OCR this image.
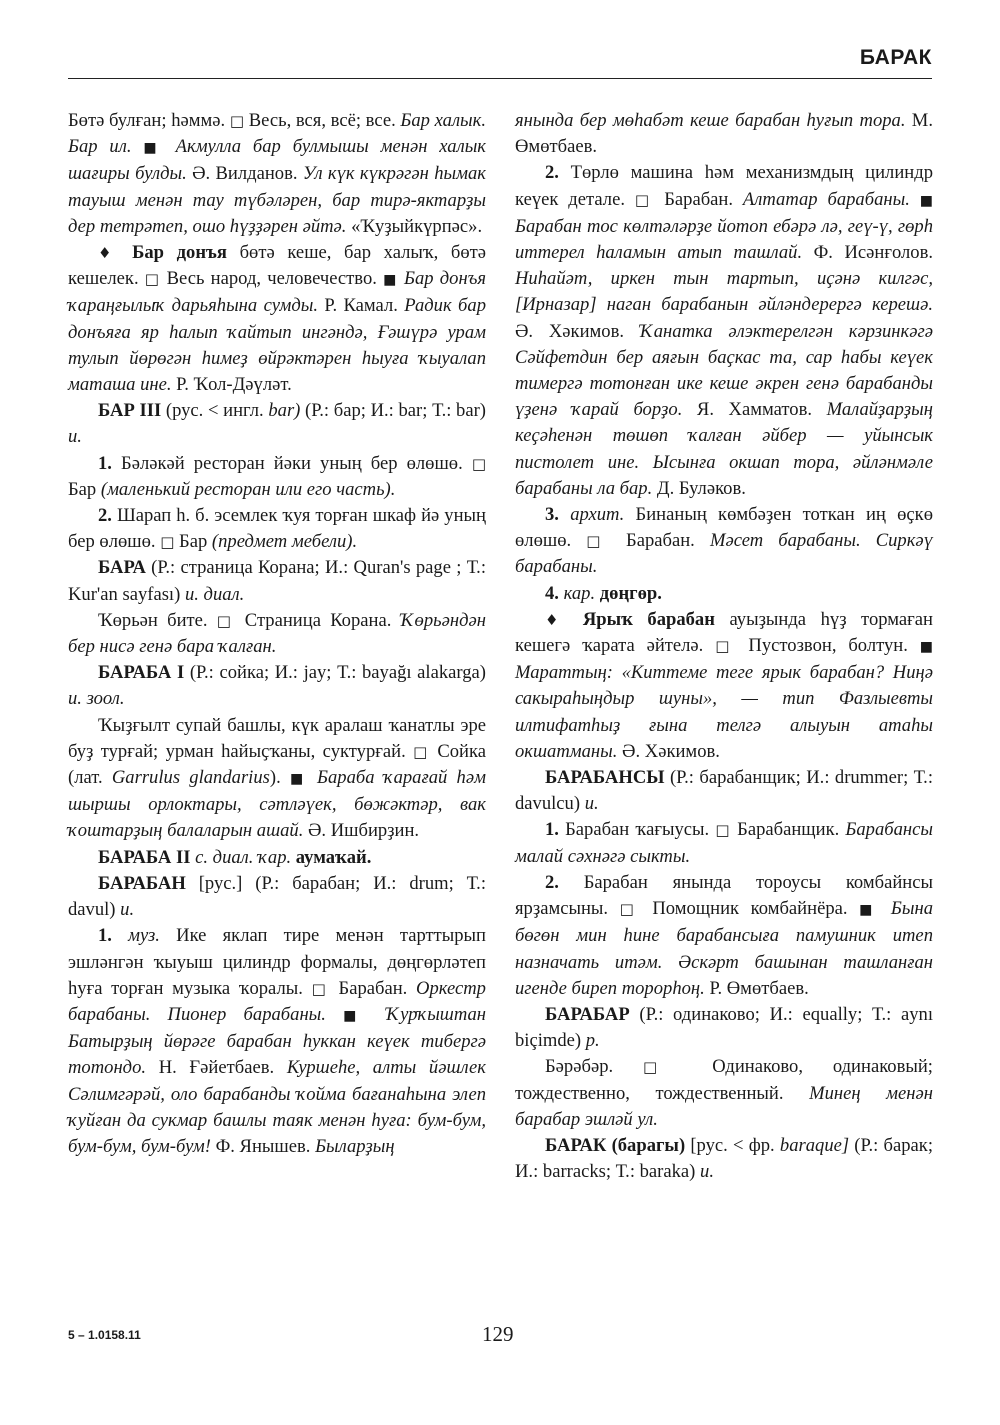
БАРАК

Бөтә булған; һәммә. □ Весь, вся, всё; все. Бар халык. Бар ил. ■ Акмулла бар булмышы менән халык шағиры булды. Ә. Вилданов. Ул күк күкрәгән һымак тауыш менән тау түбәләрен, бар тирә-яктарҙы дер тетрәтеп, ошо һүҙҙәрен әйтә. «Ҡуҙыйкүрпәс».

♦ Бар донъя бөтә кеше, бар халыҡ, бөтә кешелек. □ Весь народ, человечество. ■ Бар донъя ҡараңғылыҡ дарьяһына сумды. Р. Камал. Радик бар донъяға яр һалып ҡайтып ингәндә, Ғәшүрә урам тулып йөрөгән һимеҙ өйрәктәрен һыуға ҡыуалап маташа ине. Р. Ҡол-Дәүләт.

БАР III (рус. < ингл. bar) (Р.: бар; И.: bar; Т.: bar) и.

1. Бәләкәй ресторан йәки уның бер өлөшө. □ Бар (маленький ресторан или его часть).

2. Шарап һ. б. эсемлек ҡуя торған шкаф йә уның бер өлөшө. □ Бар (предмет мебели).

БАРА (Р.: страница Корана; И.: Quran's page ; Т.: Kur'an sayfası) и. диал.

Ҡөрьән бите. □ Страница Корана. Ҡөрьәндән бер нисә генә бара ҡалған.

БАРАБА I (Р.: сойка; И.: jay; Т.: bayağı alakarga) и. зоол.

Ҡыҙғылт супай башлы, күк аралаш ҡанатлы эре буҙ турғай; урман һайыҫҡаны, суктурғай. □ Сойка (лат. Garrulus glandarius). ■ Бараба ҡарағай һәм шыршы орлоктары, сәтләүек, бөжәктәр, вак ҡоштарҙың балаларын ашай. Ә. Ишбирҙин.

БАРАБА II с. диал. ҡар. аумаҡай.

БАРАБАН [рус.] (Р.: барабан; И.: drum; Т.: davul) и.

1. муз. Ике яклап тире менән тарттырып эшләнгән ҡыуыш цилиндр формалы, дөңгөрләтеп һуға торған музыка ҡоралы. □ Барабан. Оркестр барабаны. Пионер барабаны. ■ Ҡурҡыштан Батырҙың йөрәге барабан һуккан кеүек тибергә тотондо. Н. Ғәйетбаев. Куршеһе, алты йәшлек Сәлимгәрәй, оло барабанды ҡойма бағанаһына элеп ҡуйған да сукмар башлы таяк менән һуға: бум-бум, бум-бум, бум-бум! Ф. Янышев. Быларҙың

янында бер мөһабәт кеше барабан һуғып тора. М. Өмөтбаев.

2. Төрлө машина һәм механизмдың цилиндр кеүек детале. □ Барабан. Алтатар барабаны. ■ Барабан тос көлтәләрҙе йотоп ебәрә лә, геү-ү, гөрһ иттерел һаламын атып ташлай. Ф. Исәнғолов. Ниһайәт, иркен тын тартып, иҫәнә килгәс, [Ирназар] наган барабанын әйләндерергә керешә. Ә. Хәкимов. Ҡанатка әлэктерелгән кәрзинкәгә Сәйфетдин бер аяғын баҫкас та, сар һабы кеүек тимергә тотонған ике кеше әкрен генә барабанды үҙенә ҡарай борҙо. Я. Хамматов. Малайҙарҙың кеҫәһенән төшөп ҡалған әйбер — уйынсык пистолет ине. Ысынға окшап тора, әйләнмәле барабаны ла бар. Д. Буләков.

3. архит. Бинаның көмбәҙен тоткан иң өҫкө өлөшө. □ Барабан. Мәсет барабаны. Сиркәү барабаны.

4. кар. дөңгөр.

♦ Ярыҡ барабан ауыҙында һүҙ тормаған кешегә ҡарата әйтелә. □ Пустозвон, болтун. ■ Мараттың: «Киттеме теге ярык барабан? Ниңә сакырaһыңдыр шуны», — тип Фазлыевты илтифатһыҙ ғына телгә алыуын атаһы окшатманы. Ә. Хәкимов.

БАРАБАНСЫ (Р.: барабанщик; И.: drummer; Т.: davulcu) и.

1. Барабан ҡағыусы. □ Барабанщик. Барабансы малай сәхнәгә сыкты.

2. Барабан янында тороусы комбайнсы ярҙамсыны. □ Помощник комбайнёра. ■ Бына бөгөн мин һине барабансыға памушник итеп назначать итәм. Әскәрт башынан ташланған игенде биреп торорһоң. Р. Өмөтбаев.

БАРАБАР (Р.: одинаково; И.: equally; Т.: aynı biçimde) р.

Бәрәбәр. □ Одинаково, одинаковый; тождественно, тождественный. Минең менән барабар эшләй ул.

БАРАК (барагы) [рус. < фр. baraque] (Р.: барак; И.: barracks; Т.: baraka) и.

5 – 1.0158.11	129
